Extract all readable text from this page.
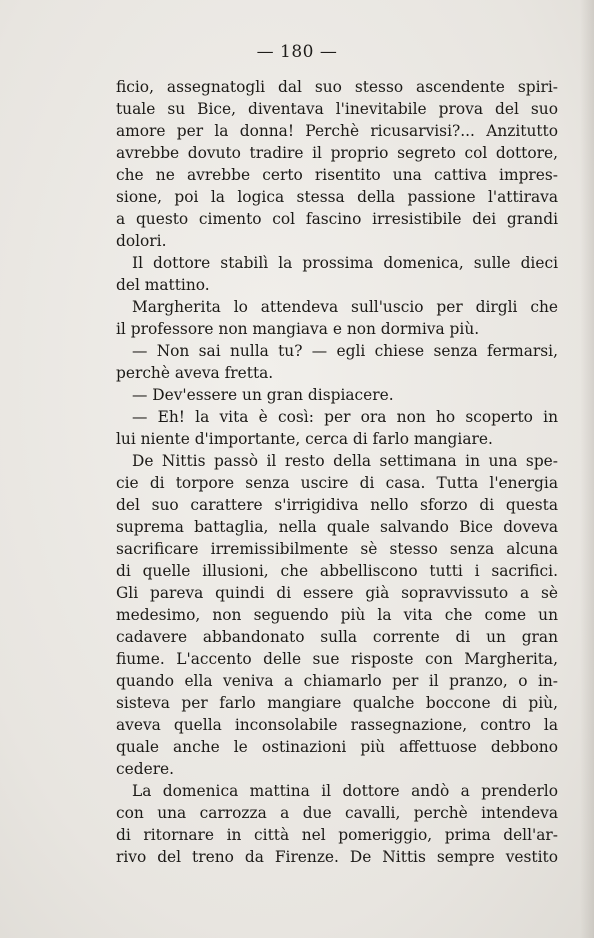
— 180 —
ficio, assegnatogli dal suo stesso ascendente spiri-
tuale su Bice, diventava l'inevitabile prova del suo
amore per la donna! Perchè ricusarvisi?... Anzitutto
avrebbe dovuto tradire il proprio segreto col dottore,
che ne avrebbe certo risentito una cattiva impres-
sione, poi la logica stessa della passione l'attirava
a questo cimento col fascino irresistibile dei grandi
dolori.
Il dottore stabilì la prossima domenica, sulle dieci
del mattino.
Margherita lo attendeva sull'uscio per dirgli che
il professore non mangiava e non dormiva più.
— Non sai nulla tu? — egli chiese senza fermarsi,
perchè aveva fretta.
— Dev'essere un gran dispiacere.
— Eh! la vita è così: per ora non ho scoperto in
lui niente d'importante, cerca di farlo mangiare.
De Nittis passò il resto della settimana in una spe-
cie di torpore senza uscire di casa. Tutta l'energia
del suo carattere s'irrigidiva nello sforzo di questa
suprema battaglia, nella quale salvando Bice doveva
sacrificare irremissibilmente sè stesso senza alcuna
di quelle illusioni, che abbelliscono tutti i sacrifici.
Gli pareva quindi di essere già sopravvissuto a sè
medesimo, non seguendo più la vita che come un
cadavere abbandonato sulla corrente di un gran
fiume. L'accento delle sue risposte con Margherita,
quando ella veniva a chiamarlo per il pranzo, o in-
sisteva per farlo mangiare qualche boccone di più,
aveva quella inconsolabile rassegnazione, contro la
quale anche le ostinazioni più affettuose debbono
cedere.
La domenica mattina il dottore andò a prenderlo
con una carrozza a due cavalli, perchè intendeva
di ritornare in città nel pomeriggio, prima dell'ar-
rivo del treno da Firenze. De Nittis sempre vestito
